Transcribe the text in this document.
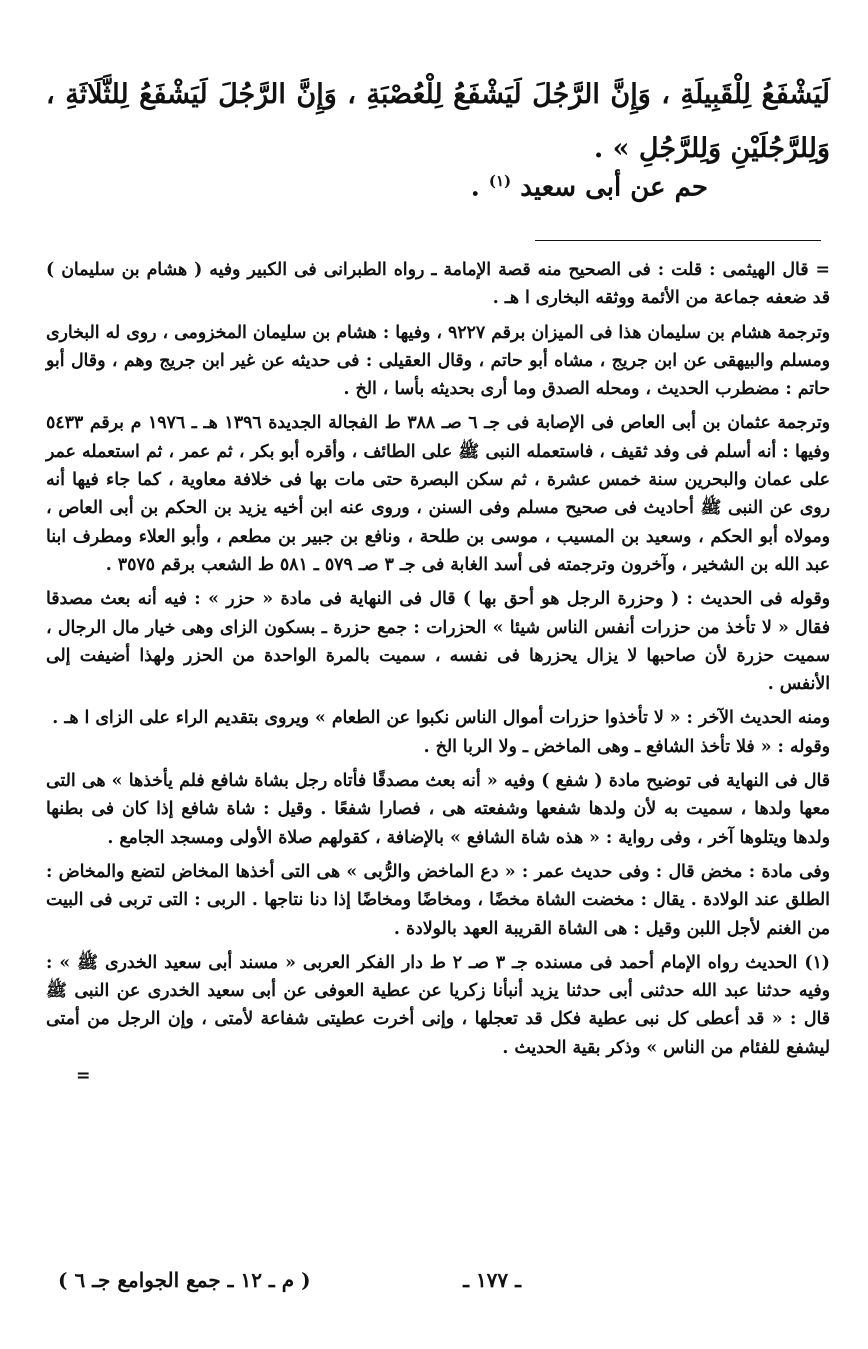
لَيَشْفَعُ لِلْقَبِيلَةِ ، وَإِنَّ الرَّجُلَ لَيَشْفَعُ لِلْعُصْبَةِ ، وَإِنَّ الرَّجُلَ لَيَشْفَعُ لِلثَّلَاثَةِ ، وَلِلرَّجُلَيْنِ وَلِلرَّجُلِ » .
حم عن أبى سعيد $^{(١)}$ .

= قال الهيثمى : قلت : فى الصحيح منه قصة الإمامة ـ رواه الطبرانى فى الكبير وفيه ( هشام بن سليمان ) قد ضعفه جماعة من الأئمة ووثقه البخارى ا هـ .

وترجمة هشام بن سليمان هذا فى الميزان برقم ٩٢٢٧ ، وفيها : هشام بن سليمان المخزومى ، روى له البخارى ومسلم والبيهقى عن ابن جريج ، مشاه أبو حاتم ، وقال العقيلى : فى حديثه عن غير ابن جريج وهم ، وقال أبو حاتم : مضطرب الحديث ، ومحله الصدق وما أرى بحديثه بأسا ، الخ .

وترجمة عثمان بن أبى العاص فى الإصابة فى جـ ٦ صـ ٣٨٨ ط الفجالة الجديدة ١٣٩٦ هـ ـ ١٩٧٦ م برقم ٥٤٣٣ وفيها : أنه أسلم فى وفد ثقيف ، فاستعمله النبى ﷺ على الطائف ، وأقره أبو بكر ، ثم عمر ، ثم استعمله عمر على عمان والبحرين سنة خمس عشرة ، ثم سكن البصرة حتى مات بها فى خلافة معاوية ، كما جاء فيها أنه روى عن النبى ﷺ أحاديث فى صحيح مسلم وفى السنن ، وروى عنه ابن أخيه يزيد بن الحكم بن أبى العاص ، ومولاه أبو الحكم ، وسعيد بن المسيب ، موسى بن طلحة ، ونافع بن جبير بن مطعم ، وأبو العلاء ومطرف ابنا عبد الله بن الشخير ، وآخرون وترجمته فى أسد الغابة فى جـ ٣ صـ ٥٧٩ ـ ٥٨١ ط الشعب برقم ٣٥٧٥ .

وقوله فى الحديث : ( وحزرة الرجل هو أحق بها ) قال فى النهاية فى مادة « حزر » : فيه أنه بعث مصدقا فقال « لا تأخذ من حزرات أنفس الناس شيئا » الحزرات : جمع حزرة ـ بسكون الزاى وهى خيار مال الرجال ، سميت حزرة لأن صاحبها لا يزال يحزرها فى نفسه ، سميت بالمرة الواحدة من الحزر ولهذا أضيفت إلى الأنفس .

ومنه الحديث الآخر : « لا تأخذوا حزرات أموال الناس نكبوا عن الطعام » ويروى بتقديم الراء على الزاى ا هـ .

وقوله : « فلا تأخذ الشافع ـ وهى الماخض ـ ولا الربا الخ .

قال فى النهاية فى توضيح مادة ( شفع ) وفيه « أنه بعث مصدقًا فأتاه رجل بشاة شافع فلم يأخذها » هى التى معها ولدها ، سميت به لأن ولدها شفعها وشفعته هى ، فصارا شفعًا . وقيل : شاة شافع إذا كان فى بطنها ولدها ويتلوها آخر ، وفى رواية : « هذه شاة الشافع » بالإضافة ، كقولهم صلاة الأولى ومسجد الجامع .

وفى مادة : مخض قال : وفى حديث عمر : « دع الماخض والرُّبى » هى التى أخذها المخاض لتضع والمخاض : الطلق عند الولادة . يقال : مخضت الشاة مخضًا ، ومخاضًا ومخاضًا إذا دنا نتاجها . الربى : التى تربى فى البيت من الغنم لأجل اللبن وقيل : هى الشاة القريبة العهد بالولادة .

(١) الحديث رواه الإمام أحمد فى مسنده جـ ٣ صـ ٢ ط دار الفكر العربى « مسند أبى سعيد الخدرى ﷺ » : وفيه حدثنا عبد الله حدثنى أبى حدثنا يزيد أنبأنا زكريا عن عطية العوفى عن أبى سعيد الخدرى عن النبى ﷺ قال : « قد أعطى كل نبى عطية فكل قد تعجلها ، وإنى أخرت عطيتى شفاعة لأمتى ، وإن الرجل من أمتى ليشفع للفئام من الناس » وذكر بقية الحديث .

=

ـ ١٧٧ ـ
( م ـ ١٢ ـ جمع الجوامع جـ ٦ )
